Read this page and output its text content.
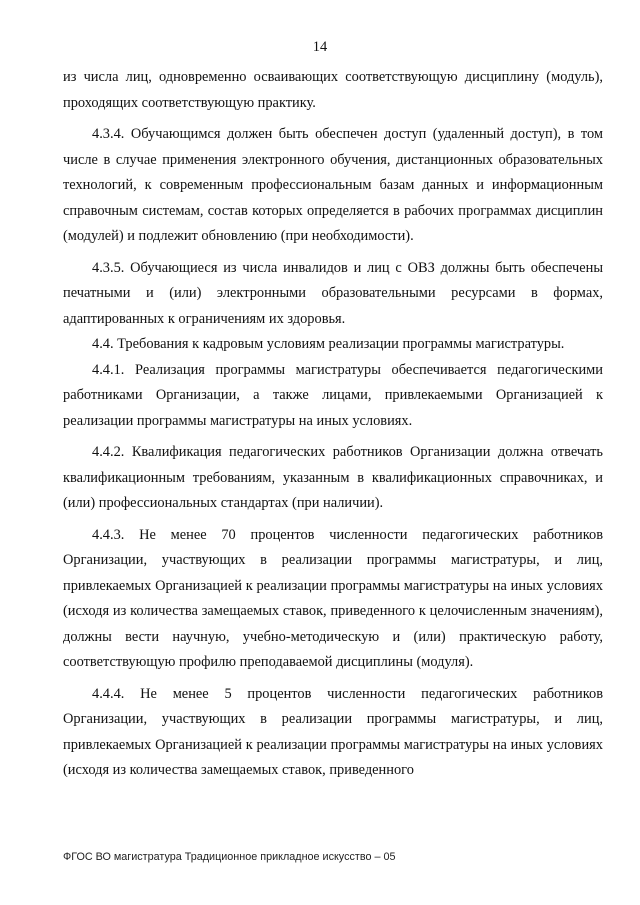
14

из числа лиц, одновременно осваивающих соответствующую дисциплину (модуль), проходящих соответствующую практику.

4.3.4. Обучающимся должен быть обеспечен доступ (удаленный доступ), в том числе в случае применения электронного обучения, дистанционных образовательных технологий, к современным профессиональным базам данных и информационным справочным системам, состав которых определяется в рабочих программах дисциплин (модулей) и подлежит обновлению (при необходимости).

4.3.5. Обучающиеся из числа инвалидов и лиц с ОВЗ должны быть обеспечены печатными и (или) электронными образовательными ресурсами в формах, адаптированных к ограничениям их здоровья.

4.4. Требования к кадровым условиям реализации программы магистратуры.

4.4.1. Реализация программы магистратуры обеспечивается педагогическими работниками Организации, а также лицами, привлекаемыми Организацией к реализации программы магистратуры на иных условиях.

4.4.2. Квалификация педагогических работников Организации должна отвечать квалификационным требованиям, указанным в квалификационных справочниках, и (или) профессиональных стандартах (при наличии).

4.4.3. Не менее 70 процентов численности педагогических работников Организации, участвующих в реализации программы магистратуры, и лиц, привлекаемых Организацией к реализации программы магистратуры на иных условиях (исходя из количества замещаемых ставок, приведенного к целочисленным значениям), должны вести научную, учебно-методическую и (или) практическую работу, соответствующую профилю преподаваемой дисциплины (модуля).

4.4.4. Не менее 5 процентов численности педагогических работников Организации, участвующих в реализации программы магистратуры, и лиц, привлекаемых Организацией к реализации программы магистратуры на иных условиях (исходя из количества замещаемых ставок, приведенного

ФГОС ВО магистратура Традиционное прикладное искусство – 05
